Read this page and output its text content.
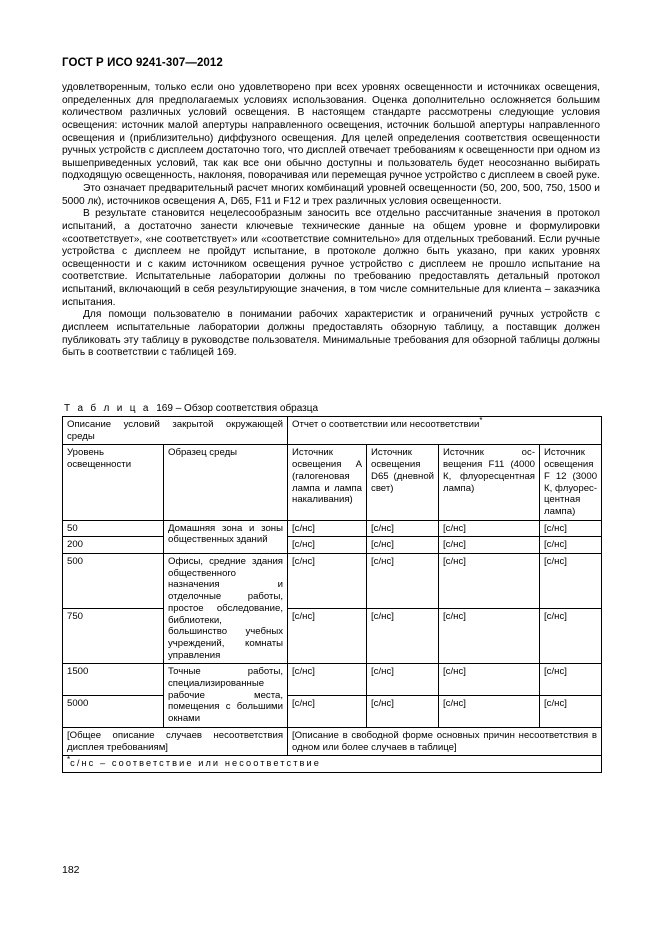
ГОСТ Р ИСО 9241-307—2012

удовлетворенным, только если оно удовлетворено при всех уровнях освещенности и источниках освещения, определенных для предполагаемых условиях использования. Оценка дополнительно осложняется большим количеством различных условий освещения. В настоящем стандарте рассмотрены следующие условия освещения: источник малой апертуры направленного освещения, источник большой апертуры направленного освещения и (приблизительно) диффузного освещения. Для целей определения соответствия освещенности ручных устройств с дисплеем достаточно того, что дисплей отвечает требованиям к освещенности при одном из вышеприведенных условий, так как все они обычно доступны и пользователь будет неосознанно выбирать подходящую освещенность, наклоняя, поворачивая или перемещая ручное устройство с дисплеем в своей руке.

Это означает предварительный расчет многих комбинаций уровней освещенности (50, 200, 500, 750, 1500 и 5000 лк), источников освещения А, D65, F11 и F12 и трех различных условия освещенности.

В результате становится нецелесообразным заносить все отдельно рассчитанные значения в протокол испытаний, а достаточно занести ключевые технические данные на общем уровне и формулировки «соответствует», «не соответствует» или «соответствие сомнительно» для отдельных требований. Если ручные устройства с дисплеем не пройдут испытание, в протоколе должно быть указано, при каких уровнях освещенности и с каким источником освещения ручное устройство с дисплеем не прошло испытание на соответствие. Испытательные лаборатории должны по требованию предоставлять детальный протокол испытаний, включающий в себя результирующие значения, в том числе сомнительные для клиента – заказчика испытания.

Для помощи пользователю в понимании рабочих характеристик и ограничений ручных устройств с дисплеем испытательные лаборатории должны предоставлять обзорную таблицу, а поставщик должен публиковать эту таблицу в руководстве пользователя. Минимальные требования для обзорной таблицы должны быть в соответствии с таблицей 169.

Т а б л и ц а 169 – Обзор соответствия образца
Описание условий закрытой окружающей среды		Отчет о соответствии или несоответствии*
Уровень освещенности	Образец среды	Источник освещения А (галогеновая лампа и лампа накаливания)	Источник освещения D65 (дневной свет)	Источник освещения F11 (4000 К, флуоресцентная лампа)	Источник освещения F 12 (3000 К, флуоресцентная лампа)
50	Домашняя зона и зоны общественных зданий	[с/нс]	[с/нс]	[с/нс]	[с/нс]
200		[с/нс]	[с/нс]	[с/нс]	[с/нс]
500	Офисы, средние здания общественного назначения и отделочные работы, простое обследование, библиотеки, большинство учебных учреждений, комнаты управления	[с/нс]	[с/нс]	[с/нс]	[с/нс]
750		[с/нс]	[с/нс]	[с/нс]	[с/нс]
1500	Точные работы, специализированные рабочие места, помещения с большими окнами	[с/нс]	[с/нс]	[с/нс]	[с/нс]
5000		[с/нс]	[с/нс]	[с/нс]	[с/нс]
[Общее описание случаев несоответствия дисплея требованиям]		[Описание в свободной форме основных причин несоответствия в одном или более случаев в таблице]			
*с/нс – соответствие или несоответствие					
182
